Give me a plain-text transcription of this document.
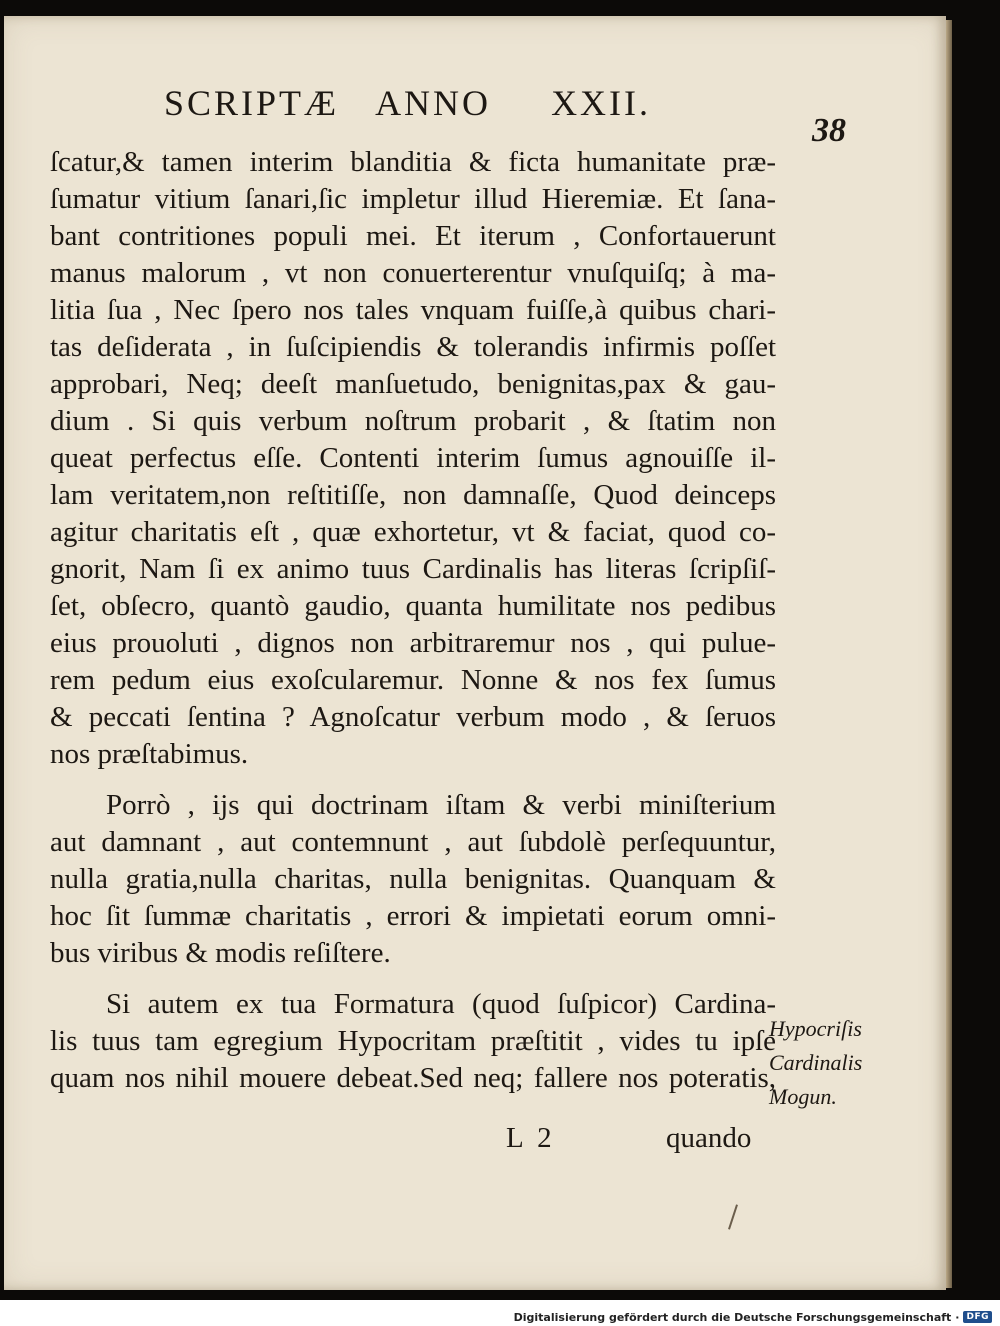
SCRIPTÆ ANNO XXII.
38
ſcatur,& tamen interim blanditia & ficta humanitate præ-
ſumatur vitium ſanari,ſic impletur illud Hieremiæ. Et ſana-
bant contritiones populi mei. Et iterum , Confortauerunt
manus malorum , vt non conuerterentur vnuſquiſq; à ma-
litia ſua , Nec ſpero nos tales vnquam fuiſſe,à quibus chari-
tas deſiderata , in ſuſcipiendis & tolerandis infirmis poſſet
approbari, Neq; deeſt manſuetudo, benignitas,pax & gau-
dium . Si quis verbum noſtrum probarit , & ſtatim non
queat perfectus eſſe. Contenti interim ſumus agnouiſſe il-
lam veritatem,non reſtitiſſe, non damnaſſe, Quod deinceps
agitur charitatis eſt , quæ exhortetur, vt & faciat, quod co-
gnorit, Nam ſi ex animo tuus Cardinalis has literas ſcripſiſ-
ſet, obſecro, quantò gaudio, quanta humilitate nos pedibus
eius prouoluti , dignos non arbitraremur nos , qui pulue-
rem pedum eius exoſcularemur. Nonne & nos fex ſumus
& peccati ſentina ? Agnoſcatur verbum modo , & ſeruos
nos præſtabimus.
Porrò , ijs qui doctrinam iſtam & verbi miniſterium
aut damnant , aut contemnunt , aut ſubdolè perſequuntur,
nulla gratia,nulla charitas, nulla benignitas. Quanquam &
hoc ſit ſummæ charitatis , errori & impietati eorum omni-
bus viribus & modis reſiſtere.
Si autem ex tua Formatura (quod ſuſpicor) Cardina-
lis tuus tam egregium Hypocritam præſtitit , vides tu ipſe
quam nos nihil mouere debeat.Sed neq; fallere nos poteratis,
Hypocriſis
Cardinalis
Mogun.
L  2	quando
Digitalisierung gefördert durch die Deutsche Forschungsgemeinschaft · DFG
